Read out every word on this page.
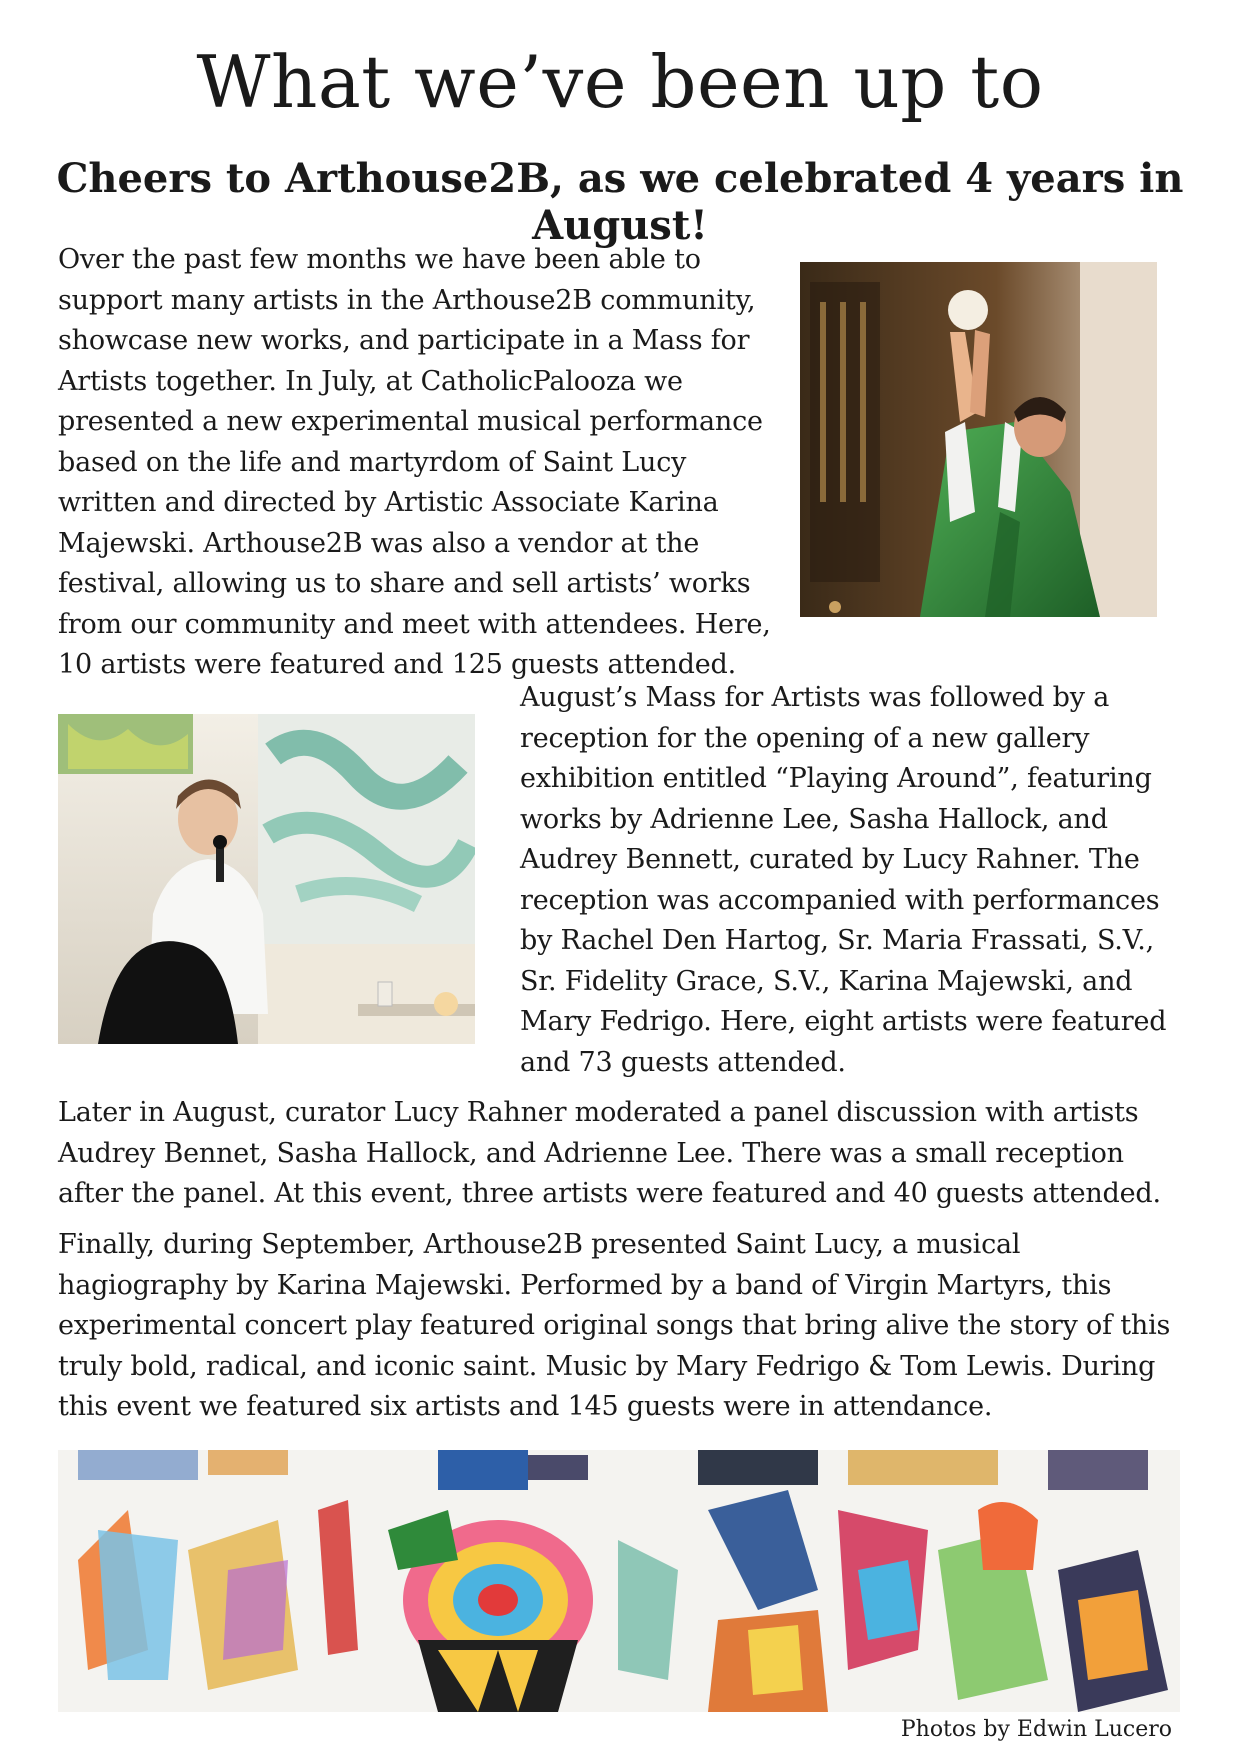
What we’ve been up to
Cheers to Arthouse2B, as we celebrated 4 years in August!

Over the past few months we have been able to support many artists in the Arthouse2B community, showcase new works, and participate in a Mass for Artists together. In July, at CatholicPalooza we presented a new experimental musical performance based on the life and martyrdom of Saint Lucy written and directed by Artistic Associate Karina Majewski. Arthouse2B was also a vendor at the festival, allowing us to share and sell artists’ works from our community and meet with attendees. Here, 10 artists were featured and 125 guests attended.

August’s Mass for Artists was followed by a reception for the opening of a new gallery exhibition entitled “Playing Around”, featuring works by Adrienne Lee, Sasha Hallock, and Audrey Bennett, curated by Lucy Rahner. The reception was accompanied with performances by Rachel Den Hartog, Sr. Maria Frassati, S.V., Sr. Fidelity Grace, S.V., Karina Majewski, and Mary Fedrigo. Here, eight artists were featured and 73 guests attended.

Later in August, curator Lucy Rahner moderated a panel discussion with artists Audrey Bennet, Sasha Hallock, and Adrienne Lee. There was a small reception after the panel. At this event, three artists were featured and 40 guests attended.

Finally, during September, Arthouse2B presented Saint Lucy, a musical hagiography by Karina Majewski. Performed by a band of Virgin Martyrs, this experimental concert play featured original songs that bring alive the story of this truly bold, radical, and iconic saint. Music by Mary Fedrigo & Tom Lewis. During this event we featured six artists and 145 guests were in attendance.

Photos by Edwin Lucero
